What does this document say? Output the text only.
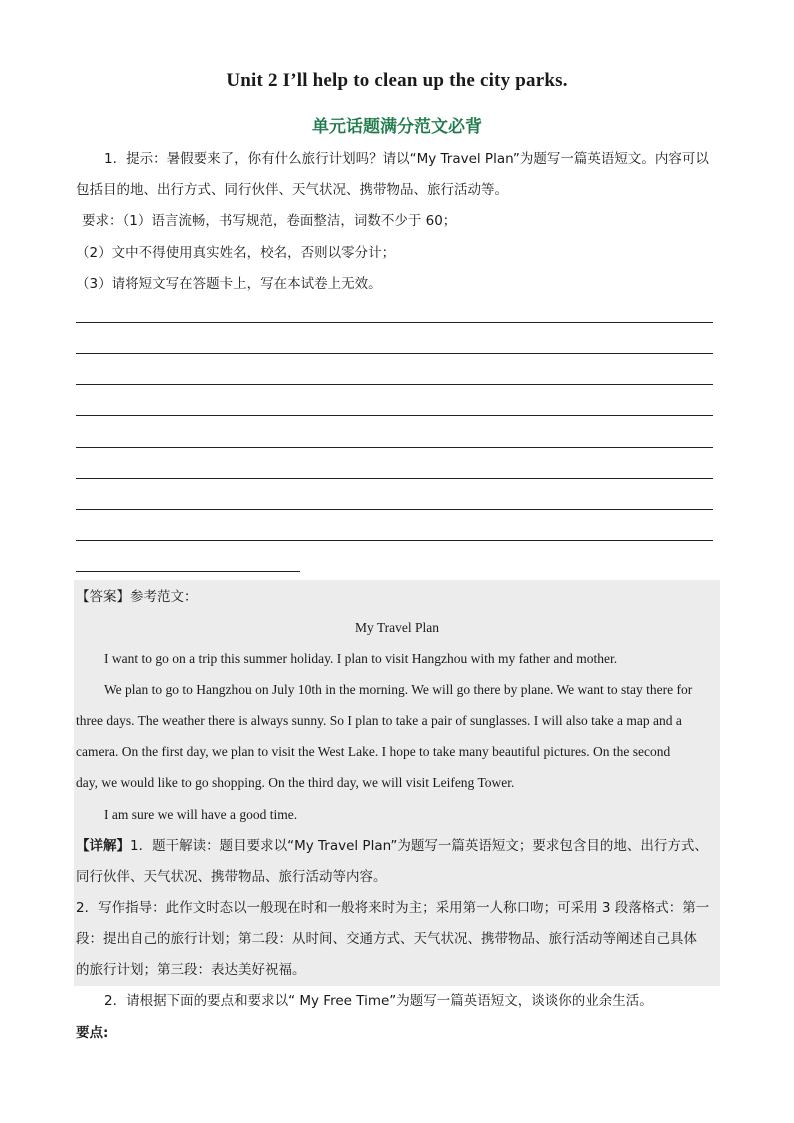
Unit 2 I’ll help to clean up the city parks.
单元话题满分范文必背
1．提示：暑假要来了，你有什么旅行计划吗？请以“My Travel Plan”为题写一篇英语短文。内容可以
包括目的地、出行方式、同行伙伴、天气状况、携带物品、旅行活动等。
要求：（1）语言流畅，书写规范，卷面整洁，词数不少于 60；
（2）文中不得使用真实姓名，校名，否则以零分计；
（3）请将短文写在答题卡上，写在本试卷上无效。
【答案】参考范文：
My Travel Plan
I want to go on a trip this summer holiday. I plan to visit Hangzhou with my father and mother.
We plan to go to Hangzhou on July 10th in the morning. We will go there by plane. We want to stay there for
three days. The weather there is always sunny. So I plan to take a pair of sunglasses. I will also take a map and a
camera. On the first day, we plan to visit the West Lake. I hope to take many beautiful pictures. On the second
day, we would like to go shopping. On the third day, we will visit Leifeng Tower.
I am sure we will have a good time.
【详解】1．题干解读：题目要求以“My Travel Plan”为题写一篇英语短文；要求包含目的地、出行方式、
同行伙伴、天气状况、携带物品、旅行活动等内容。
2．写作指导：此作文时态以一般现在时和一般将来时为主；采用第一人称口吻；可采用 3 段落格式：第一
段：提出自己的旅行计划；第二段：从时间、交通方式、天气状况、携带物品、旅行活动等阐述自己具体
的旅行计划；第三段：表达美好祝福。
2．请根据下面的要点和要求以“ My Free Time”为题写一篇英语短文，谈谈你的业余生活。
要点:
